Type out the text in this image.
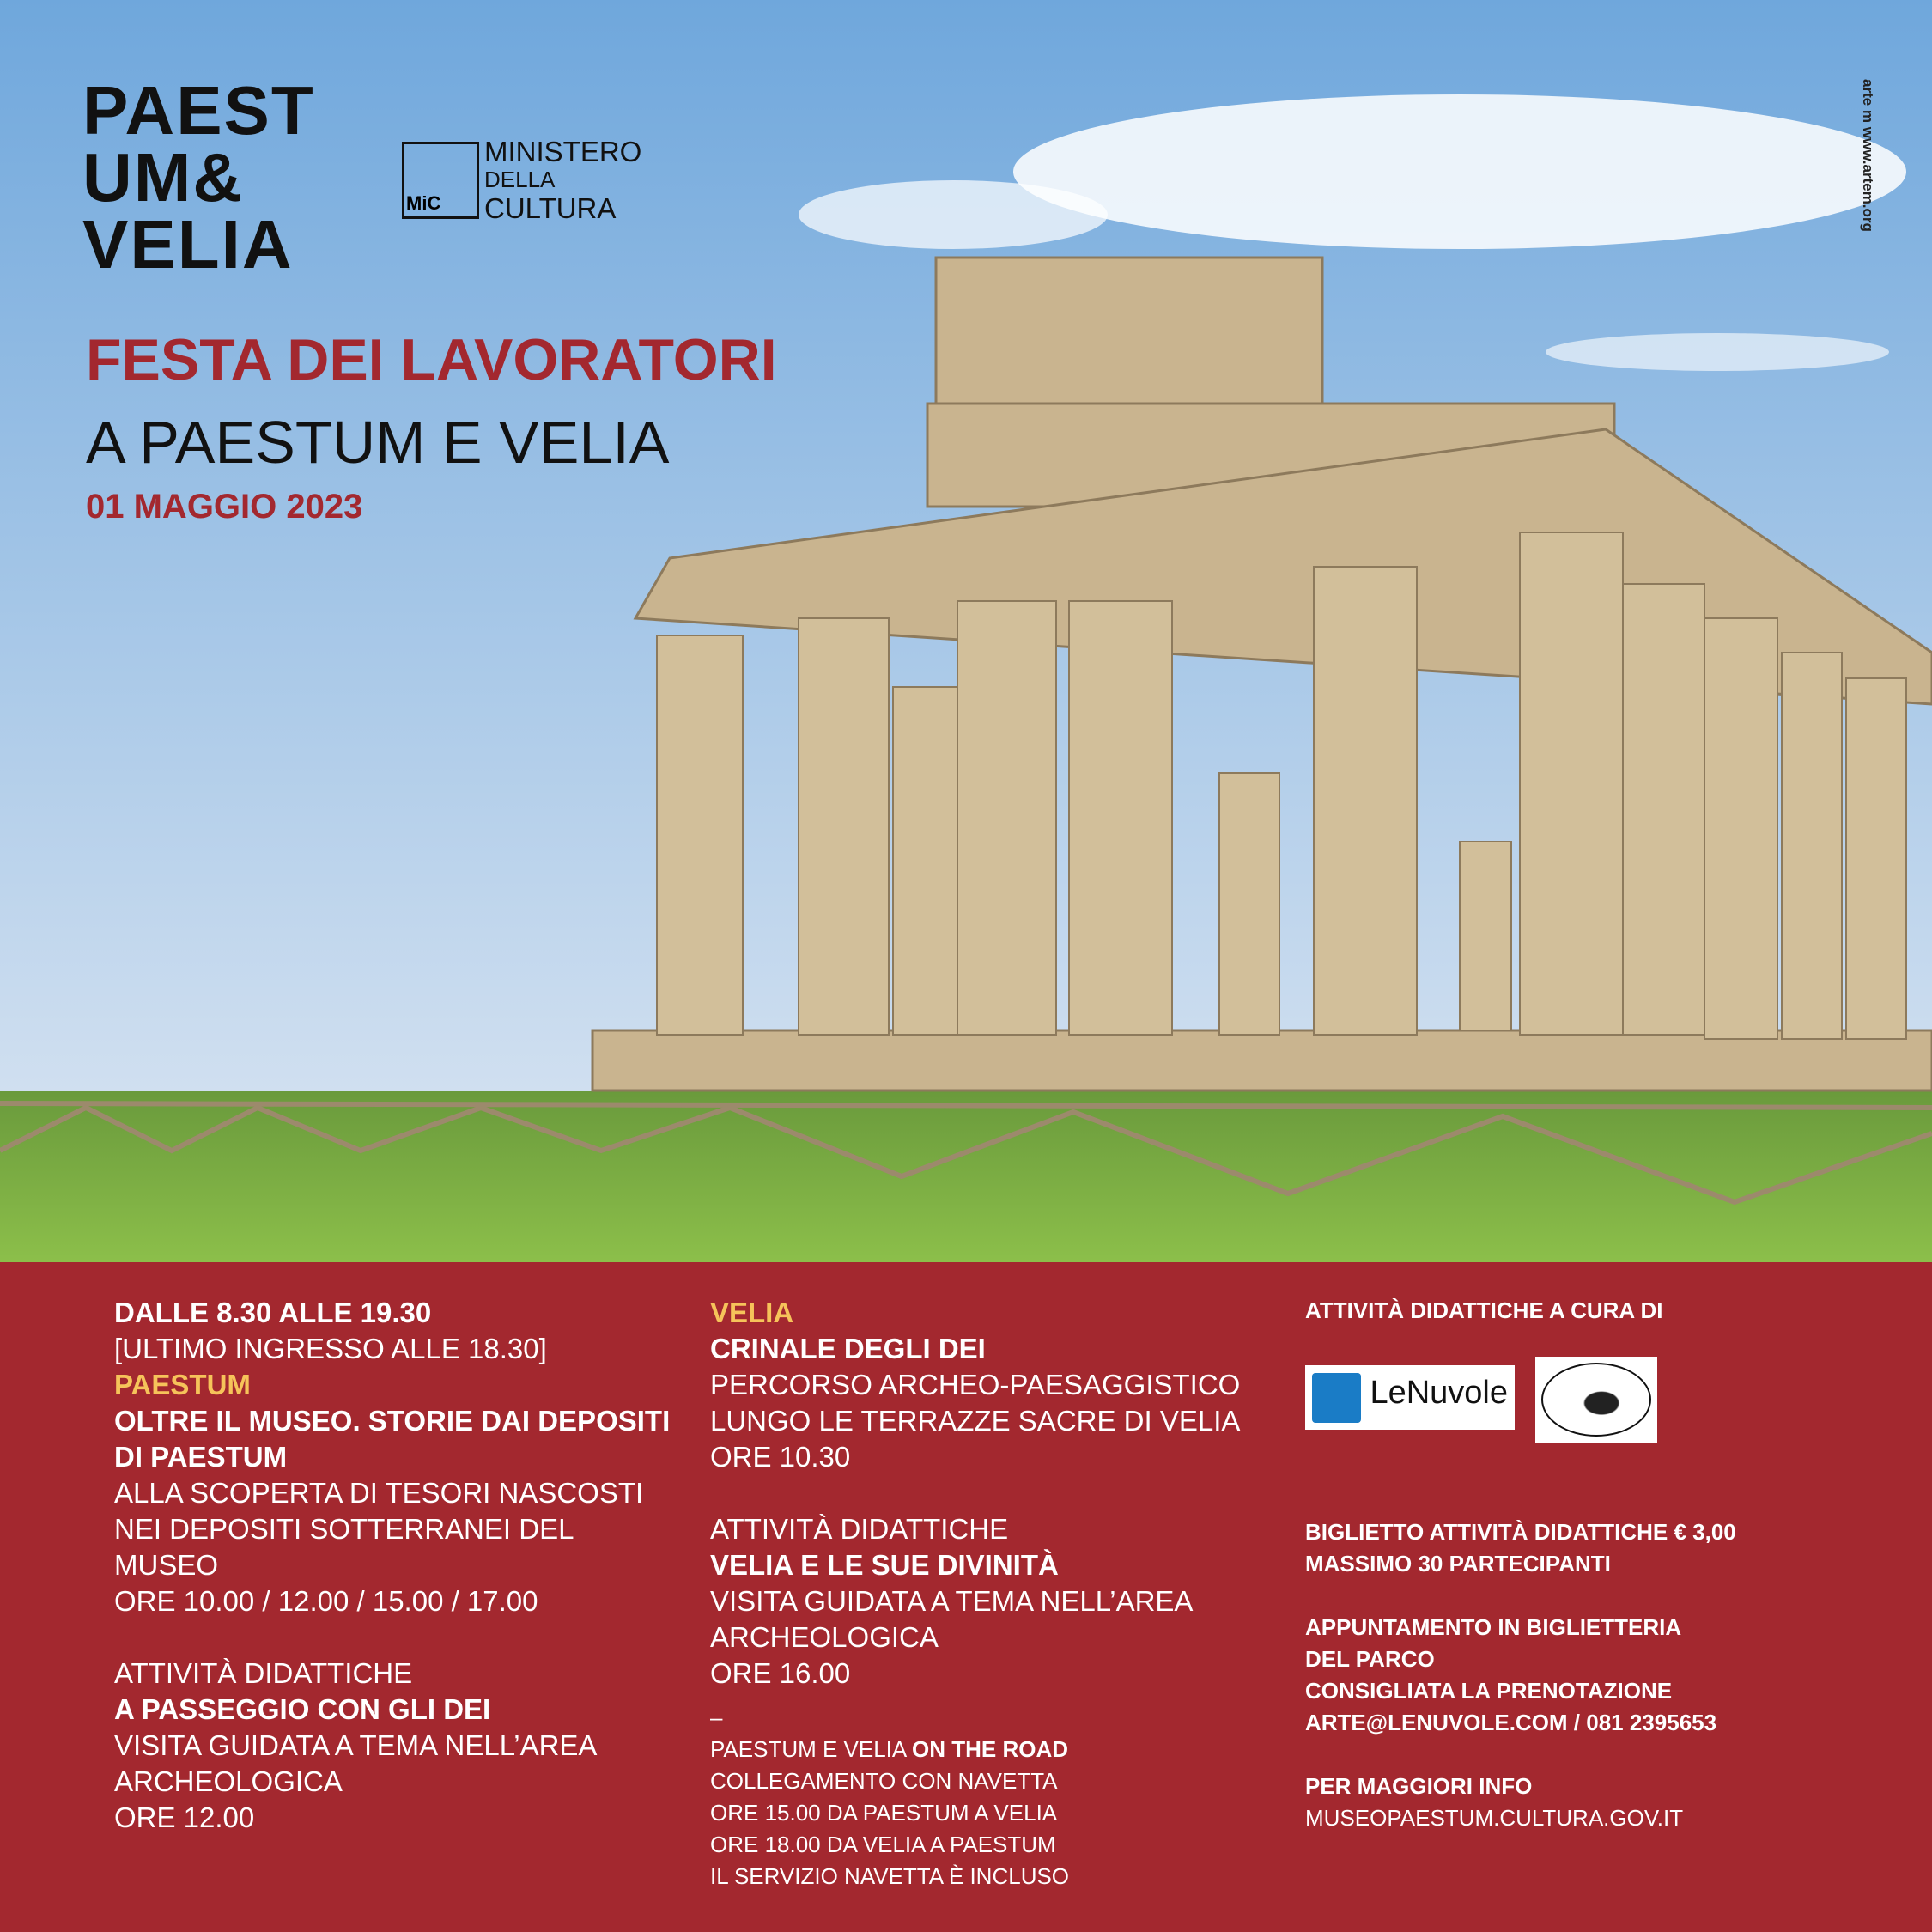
PAEST
UM&
VELIA
MiC
MINISTERO
DELLA
CULTURA	arte m www.artem.org
FESTA DEI LAVORATORI
A PAESTUM E VELIA
01 MAGGIO 2023

DALLE 8.30 ALLE 19.30

[ULTIMO INGRESSO ALLE 18.30]

PAESTUM

OLTRE IL MUSEO. STORIE DAI DEPOSITI

DI PAESTUM

ALLA SCOPERTA DI TESORI NASCOSTI

NEI DEPOSITI SOTTERRANEI DEL

MUSEO

ORE 10.00 / 12.00 / 15.00 / 17.00

ATTIVITÀ DIDATTICHE

A PASSEGGIO CON GLI DEI

VISITA GUIDATA A TEMA NELL’AREA

ARCHEOLOGICA

ORE 12.00

VELIA

CRINALE DEGLI DEI

PERCORSO ARCHEO-PAESAGGISTICO

LUNGO LE TERRAZZE SACRE DI VELIA

ORE 10.30

ATTIVITÀ DIDATTICHE

VELIA E LE SUE DIVINITÀ

VISITA GUIDATA A TEMA NELL’AREA

ARCHEOLOGICA

ORE 16.00

–

PAESTUM E VELIA ON THE ROAD

COLLEGAMENTO CON NAVETTA

ORE 15.00 DA PAESTUM A VELIA

ORE 18.00 DA VELIA A PAESTUM

IL SERVIZIO NAVETTA È INCLUSO

ATTIVITÀ DIDATTICHE A CURA DI

LeNuvole
TEATRO ARTE SCIENZA

BIGLIETTO ATTIVITÀ DIDATTICHE € 3,00

MASSIMO 30 PARTECIPANTI

APPUNTAMENTO IN BIGLIETTERIA

DEL PARCO

CONSIGLIATA LA PRENOTAZIONE

ARTE@LENUVOLE.COM / 081 2395653

PER MAGGIORI INFO

MUSEOPAESTUM.CULTURA.GOV.IT
